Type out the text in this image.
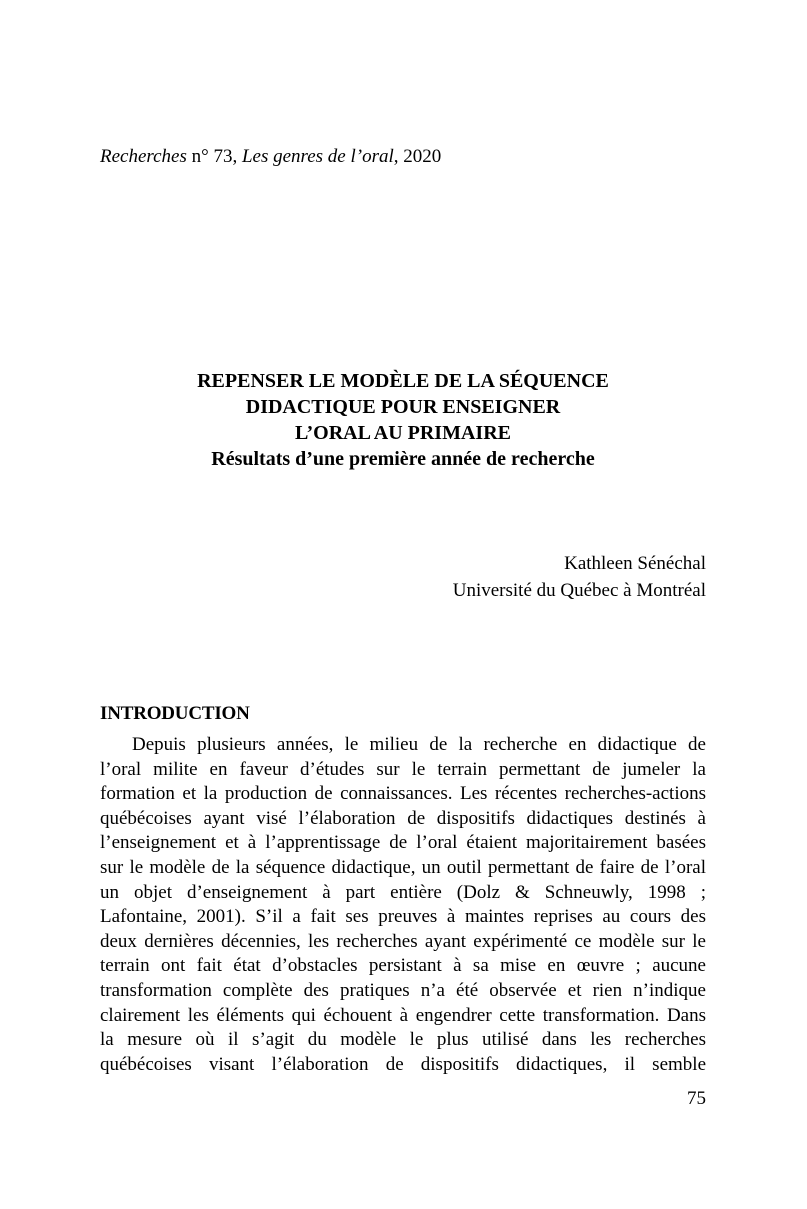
Recherches n° 73, Les genres de l’oral, 2020
REPENSER LE MODÈLE DE LA SÉQUENCE
DIDACTIQUE POUR ENSEIGNER
L’ORAL AU PRIMAIRE
Résultats d’une première année de recherche
Kathleen Sénéchal
Université du Québec à Montréal
INTRODUCTION
Depuis plusieurs années, le milieu de la recherche en didactique de
l’oral milite en faveur d’études sur le terrain permettant de jumeler la
formation et la production de connaissances. Les récentes recherches-actions
québécoises ayant visé l’élaboration de dispositifs didactiques destinés à
l’enseignement et à l’apprentissage de l’oral étaient majoritairement basées
sur le modèle de la séquence didactique, un outil permettant de faire de l’oral
un objet d’enseignement à part entière (Dolz & Schneuwly, 1998 ;
Lafontaine, 2001). S’il a fait ses preuves à maintes reprises au cours des
deux dernières décennies, les recherches ayant expérimenté ce modèle sur le
terrain ont fait état d’obstacles persistant à sa mise en œuvre ; aucune
transformation complète des pratiques n’a été observée et rien n’indique
clairement les éléments qui échouent à engendrer cette transformation. Dans
la mesure où il s’agit du modèle le plus utilisé dans les recherches
québécoises visant l’élaboration de dispositifs didactiques, il semble
75
